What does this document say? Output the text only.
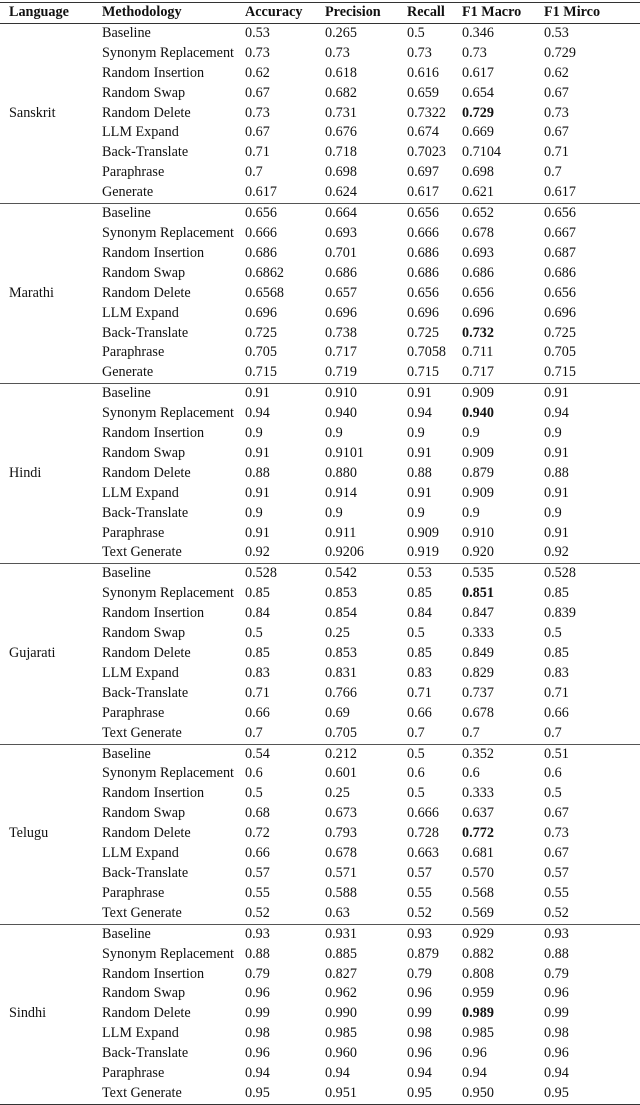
Language	Methodology	Accuracy	Precision	Recall	F1 Macro	F1 Mirco
Sanskrit	Baseline	0.53	0.265	0.5	0.346	0.53
	Synonym Replacement	0.73	0.73	0.73	0.73	0.729
	Random Insertion	0.62	0.618	0.616	0.617	0.62
	Random Swap	0.67	0.682	0.659	0.654	0.67
	Random Delete	0.73	0.731	0.7322	0.729	0.73
	LLM Expand	0.67	0.676	0.674	0.669	0.67
	Back-Translate	0.71	0.718	0.7023	0.7104	0.71
	Paraphrase	0.7	0.698	0.697	0.698	0.7
	Generate	0.617	0.624	0.617	0.621	0.617
Marathi	Baseline	0.656	0.664	0.656	0.652	0.656
	Synonym Replacement	0.666	0.693	0.666	0.678	0.667
	Random Insertion	0.686	0.701	0.686	0.693	0.687
	Random Swap	0.6862	0.686	0.686	0.686	0.686
	Random Delete	0.6568	0.657	0.656	0.656	0.656
	LLM Expand	0.696	0.696	0.696	0.696	0.696
	Back-Translate	0.725	0.738	0.725	0.732	0.725
	Paraphrase	0.705	0.717	0.7058	0.711	0.705
	Generate	0.715	0.719	0.715	0.717	0.715
Hindi	Baseline	0.91	0.910	0.91	0.909	0.91
	Synonym Replacement	0.94	0.940	0.94	0.940	0.94
	Random Insertion	0.9	0.9	0.9	0.9	0.9
	Random Swap	0.91	0.9101	0.91	0.909	0.91
	Random Delete	0.88	0.880	0.88	0.879	0.88
	LLM Expand	0.91	0.914	0.91	0.909	0.91
	Back-Translate	0.9	0.9	0.9	0.9	0.9
	Paraphrase	0.91	0.911	0.909	0.910	0.91
	Text Generate	0.92	0.9206	0.919	0.920	0.92
Gujarati	Baseline	0.528	0.542	0.53	0.535	0.528
	Synonym Replacement	0.85	0.853	0.85	0.851	0.85
	Random Insertion	0.84	0.854	0.84	0.847	0.839
	Random Swap	0.5	0.25	0.5	0.333	0.5
	Random Delete	0.85	0.853	0.85	0.849	0.85
	LLM Expand	0.83	0.831	0.83	0.829	0.83
	Back-Translate	0.71	0.766	0.71	0.737	0.71
	Paraphrase	0.66	0.69	0.66	0.678	0.66
	Text Generate	0.7	0.705	0.7	0.7	0.7
Telugu	Baseline	0.54	0.212	0.5	0.352	0.51
	Synonym Replacement	0.6	0.601	0.6	0.6	0.6
	Random Insertion	0.5	0.25	0.5	0.333	0.5
	Random Swap	0.68	0.673	0.666	0.637	0.67
	Random Delete	0.72	0.793	0.728	0.772	0.73
	LLM Expand	0.66	0.678	0.663	0.681	0.67
	Back-Translate	0.57	0.571	0.57	0.570	0.57
	Paraphrase	0.55	0.588	0.55	0.568	0.55
	Text Generate	0.52	0.63	0.52	0.569	0.52
Sindhi	Baseline	0.93	0.931	0.93	0.929	0.93
	Synonym Replacement	0.88	0.885	0.879	0.882	0.88
	Random Insertion	0.79	0.827	0.79	0.808	0.79
	Random Swap	0.96	0.962	0.96	0.959	0.96
	Random Delete	0.99	0.990	0.99	0.989	0.99
	LLM Expand	0.98	0.985	0.98	0.985	0.98
	Back-Translate	0.96	0.960	0.96	0.96	0.96
	Paraphrase	0.94	0.94	0.94	0.94	0.94
	Text Generate	0.95	0.951	0.95	0.950	0.95
